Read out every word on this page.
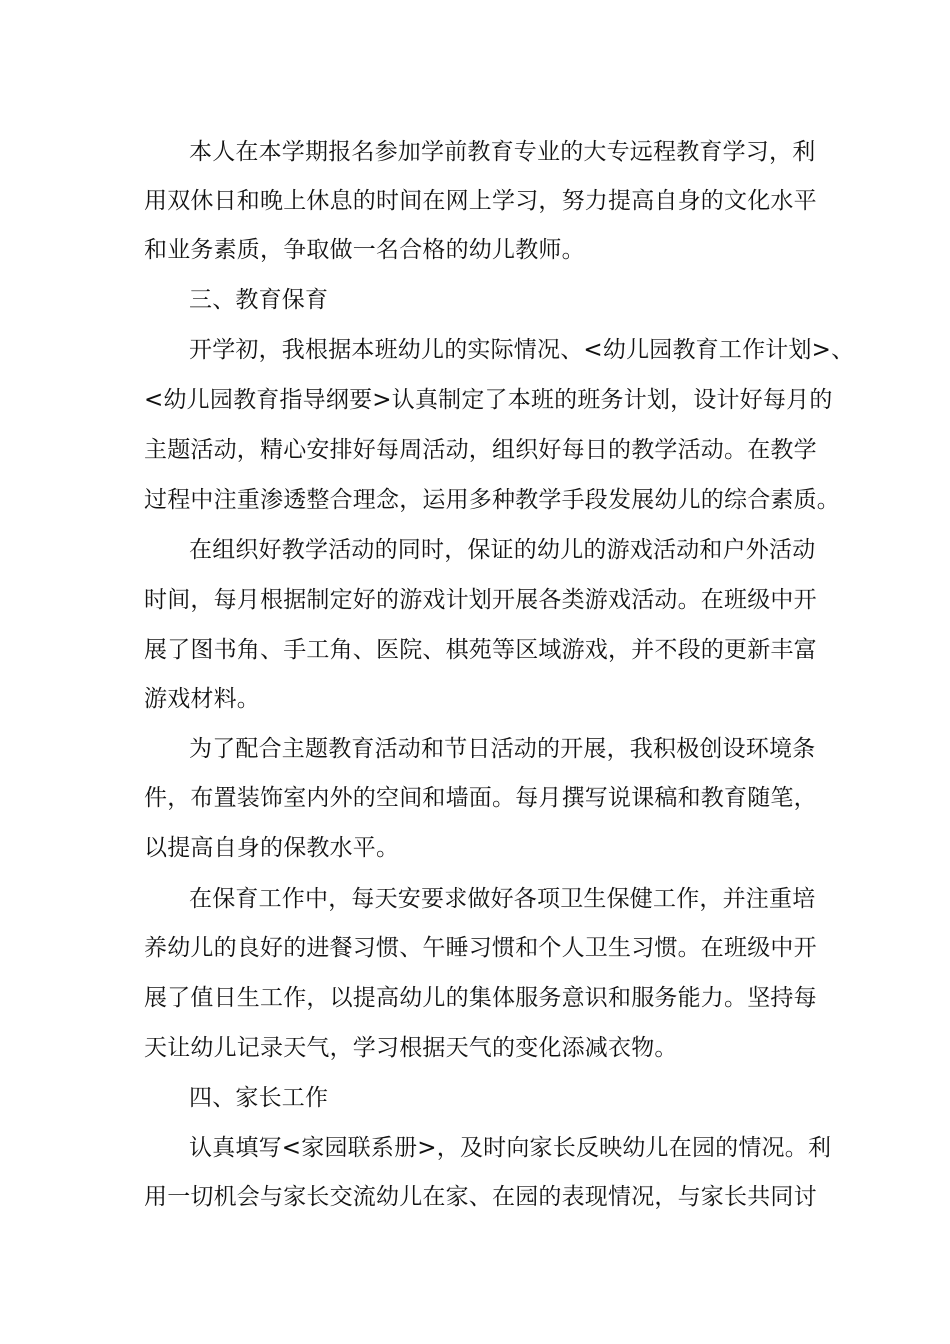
本人在本学期报名参加学前教育专业的大专远程教育学习，利
用双休日和晚上休息的时间在网上学习，努力提高自身的文化水平
和业务素质，争取做一名合格的幼儿教师。
三、教育保育
开学初，我根据本班幼儿的实际情况、<幼儿园教育工作计划>、
<幼儿园教育指导纲要>认真制定了本班的班务计划，设计好每月的
主题活动，精心安排好每周活动，组织好每日的教学活动。在教学
过程中注重渗透整合理念，运用多种教学手段发展幼儿的综合素质。
在组织好教学活动的同时，保证的幼儿的游戏活动和户外活动
时间，每月根据制定好的游戏计划开展各类游戏活动。在班级中开
展了图书角、手工角、医院、棋苑等区域游戏，并不段的更新丰富
游戏材料。
为了配合主题教育活动和节日活动的开展，我积极创设环境条
件，布置装饰室内外的空间和墙面。每月撰写说课稿和教育随笔，
以提高自身的保教水平。
在保育工作中，每天安要求做好各项卫生保健工作，并注重培
养幼儿的良好的进餐习惯、午睡习惯和个人卫生习惯。在班级中开
展了值日生工作，以提高幼儿的集体服务意识和服务能力。坚持每
天让幼儿记录天气，学习根据天气的变化添减衣物。
四、家长工作
认真填写<家园联系册>，及时向家长反映幼儿在园的情况。利
用一切机会与家长交流幼儿在家、在园的表现情况，与家长共同讨
